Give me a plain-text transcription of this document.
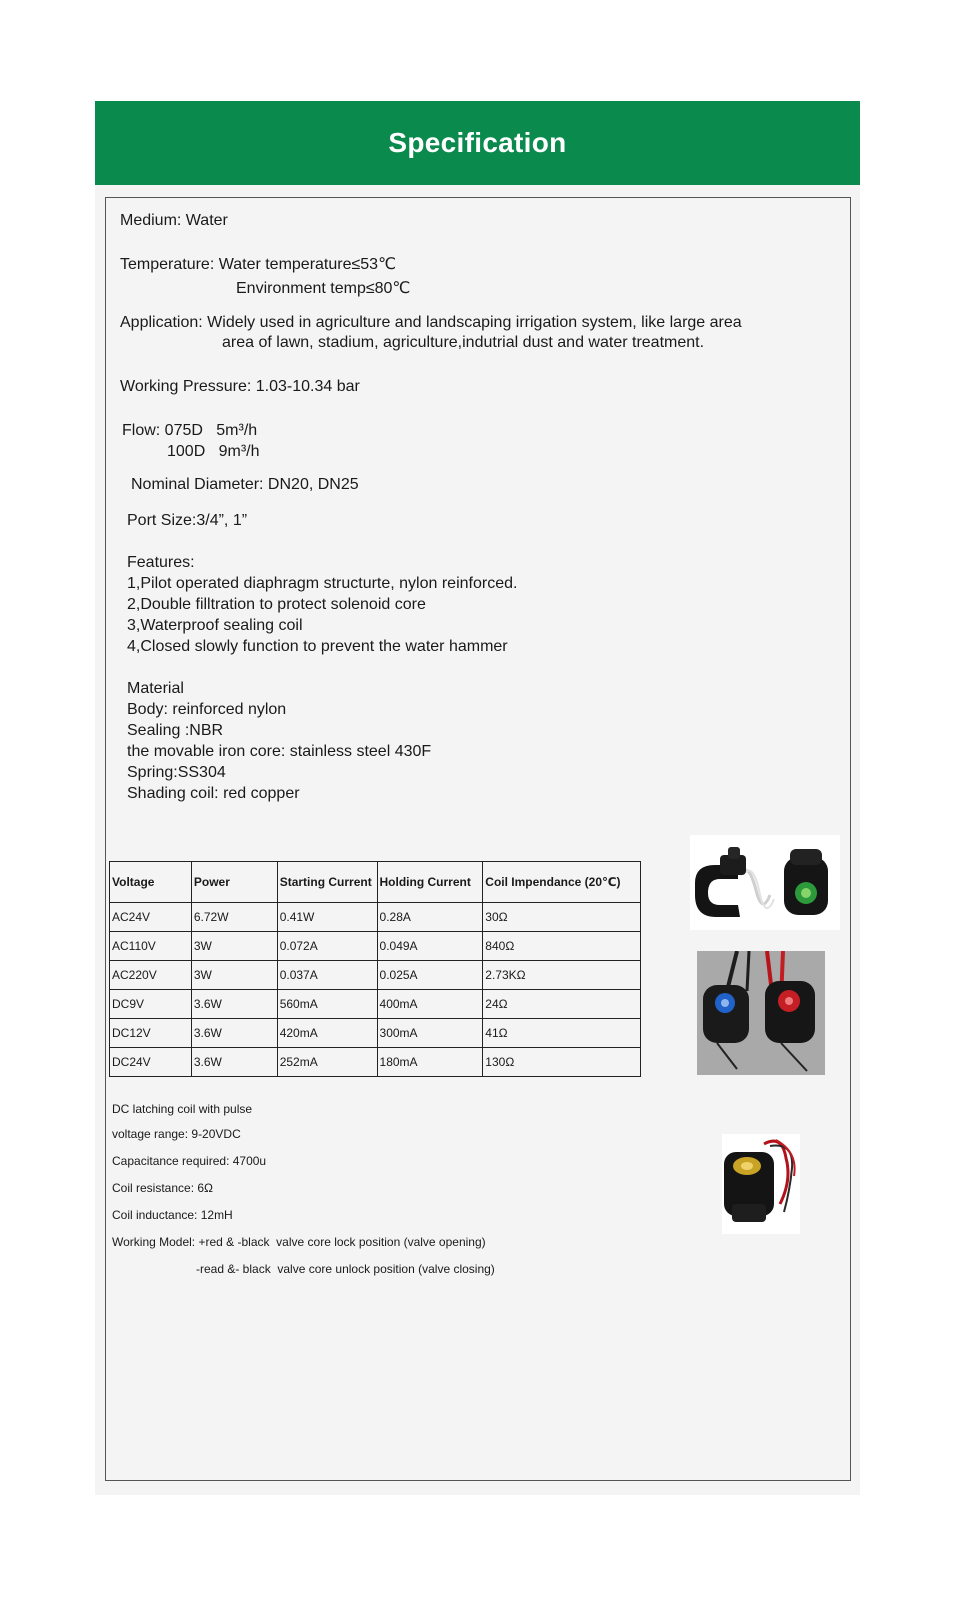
Specification
Medium: Water
Temperature: Water temperature≤53℃
Environment temp≤80℃
Application: Widely used in agriculture and landscaping irrigation system, like large area
area of lawn, stadium, agriculture,indutrial dust and water treatment.
Working Pressure: 1.03-10.34 bar
Flow: 075D   5m³/h
100D   9m³/h
Nominal Diameter: DN20, DN25
Port Size:3/4”, 1”
Features:
1,Pilot operated diaphragm structurte, nylon reinforced.
2,Double filltration to protect solenoid core
3,Waterproof sealing coil
4,Closed slowly function to prevent the water hammer
Material
Body: reinforced nylon
Sealing :NBR
the movable iron core: stainless steel 430F
Spring:SS304
Shading coil: red copper
Voltage	Power	Starting Current	Holding Current	Coil Impendance (20℃)
AC24V	6.72W	0.41W	0.28A	30Ω
AC110V	3W	0.072A	0.049A	840Ω
AC220V	3W	0.037A	0.025A	2.73KΩ
DC9V	3.6W	560mA	400mA	24Ω
DC12V	3.6W	420mA	300mA	41Ω
DC24V	3.6W	252mA	180mA	130Ω
DC latching coil with pulse
voltage range: 9-20VDC
Capacitance required: 4700u
Coil resistance: 6Ω
Coil inductance: 12mH
Working Model: +red & -black  valve core lock position (valve opening)
-read &- black  valve core unlock position (valve closing)
